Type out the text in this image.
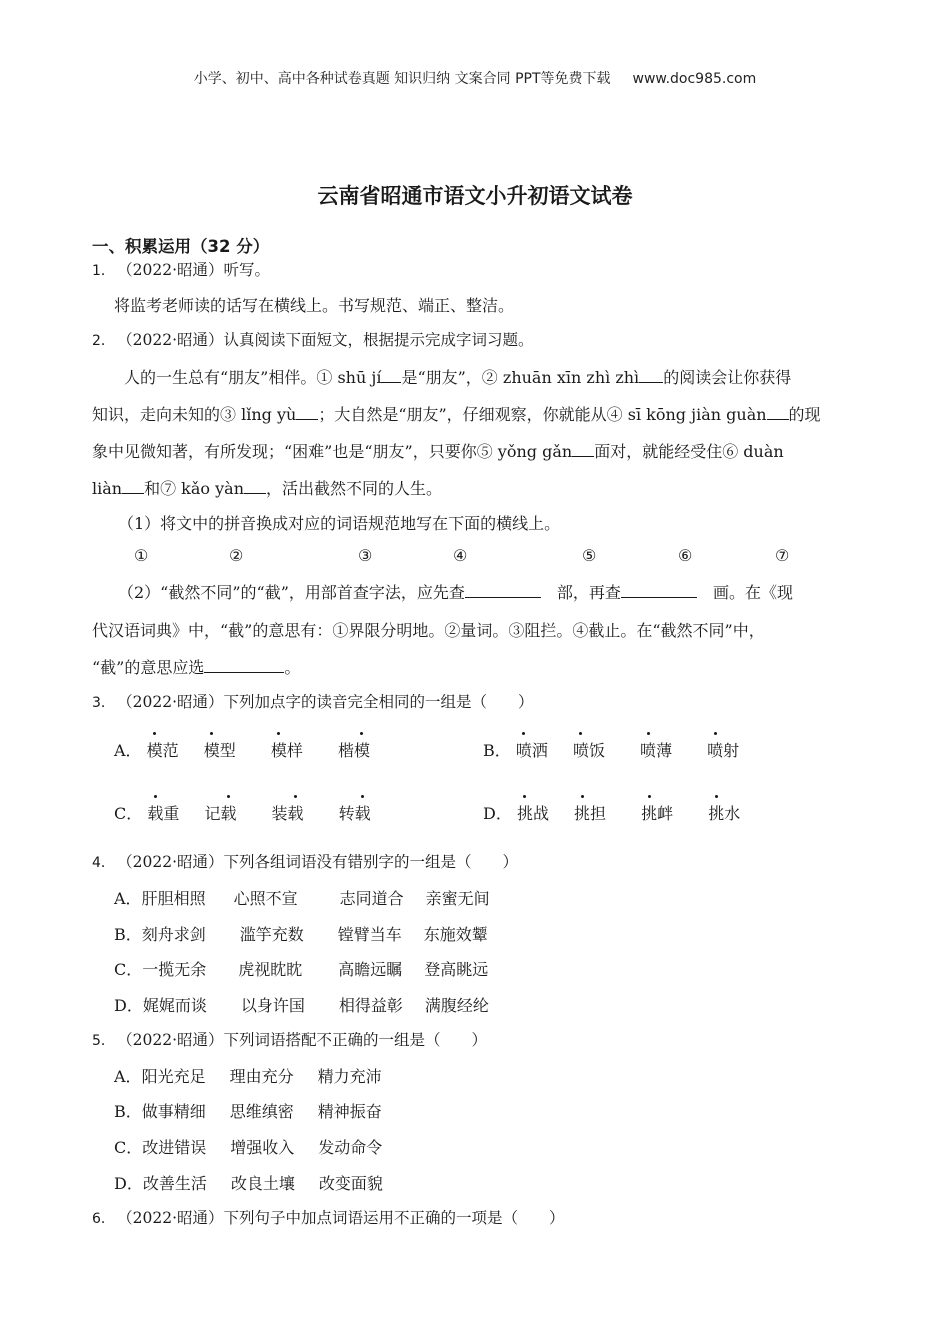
小学、初中、高中各种试卷真题 知识归纳 文案合同 PPT等免费下载 www.doc985.com
云南省昭通市语文小升初语文试卷
一、积累运用（32 分）
1． （2022·昭通）听写。
将监考老师读的话写在横线上。书写规范、端正、整洁。
2． （2022·昭通）认真阅读下面短文，根据提示完成字词习题。
人的一生总有“朋友”相伴。① shū jí 是“朋友”，② zhuān xīn zhì zhì 的阅读会让你获得
知识，走向未知的③ lǐng yù ；大自然是“朋友”，仔细观察，你就能从④ sī kōng jiàn guàn 的现
象中见微知著，有所发现；“困难”也是“朋友”，只要你⑤ yǒng gǎn 面对，就能经受住⑥ duàn
liàn 和⑦ kǎo yàn ，活出截然不同的人生。
（1）将文中的拼音换成对应的词语规范地写在下面的横线上。
①	②	③	④	⑤	⑥	⑦
（2）“截然不同”的“截”，用部首查字法，应先查　	部，再查　	画。在《现
代汉语词典》中，“截”的意思有：①界限分明地。②量词。③阻拦。④截止。在“截然不同”中，
“截”的意思应选	。
3． （2022·昭通）下列加点字的读音完全相同的一组是（　　）
A． 模范 模型 模样 楷模	B． 喷洒 喷饭 喷薄 喷射
C． 载重 记载 装载 转载	D． 挑战 挑担 挑衅 挑水
4． （2022·昭通）下列各组词语没有错别字的一组是（　　）
A．肝胆相照 心照不宣	志同道合 亲蜜无间
B．刻舟求剑 滥竽充数 镗臂当车 东施效颦
C．一揽无余 虎视眈眈 高瞻远瞩 登高眺远
D．娓娓而谈 以身许国 相得益彰 满腹经纶
5． （2022·昭通）下列词语搭配不正确的一组是（　　）
A．阳光充足 理由充分 精力充沛
B．做事精细 思维缜密 精神振奋
C．改进错误 增强收入 发动命令
D．改善生活 改良土壤 改变面貌
6． （2022·昭通）下列句子中加点词语运用不正确的一项是（　　）
